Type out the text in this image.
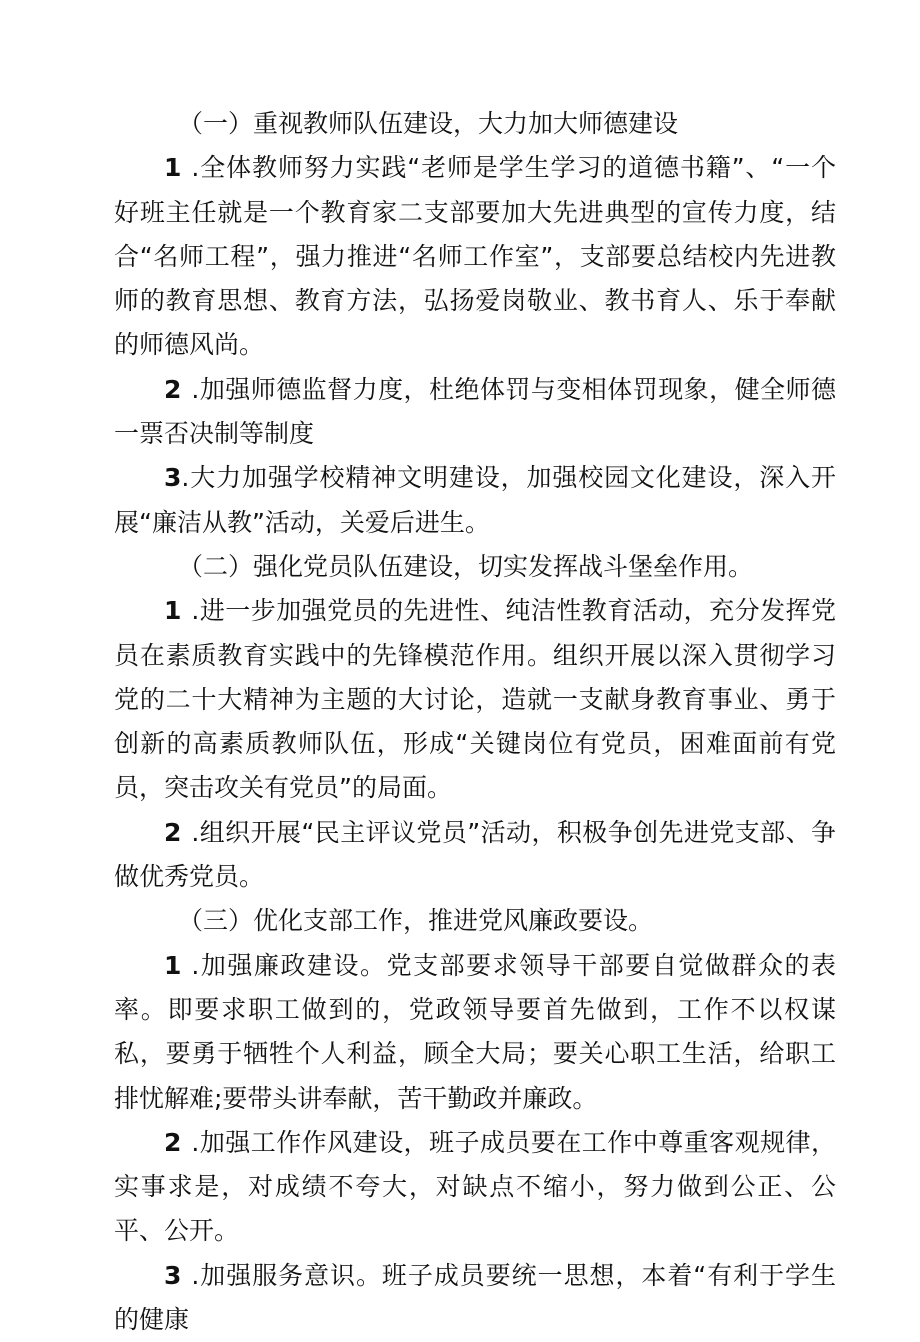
（一）重视教师队伍建设，大力加大师德建设

1 .全体教师努力实践“老师是学生学习的道德书籍”、“一个好班主任就是一个教育家二支部要加大先进典型的宣传力度，结合“名师工程”，强力推进“名师工作室”，支部要总结校内先进教师的教育思想、教育方法，弘扬爱岗敬业、教书育人、乐于奉献的师德风尚。

2 .加强师德监督力度，杜绝体罚与变相体罚现象，健全师德一票否决制等制度

3.大力加强学校精神文明建设，加强校园文化建设，深入开展“廉洁从教”活动，关爱后进生。

（二）强化党员队伍建设，切实发挥战斗堡垒作用。

1 .进一步加强党员的先进性、纯洁性教育活动，充分发挥党员在素质教育实践中的先锋模范作用。组织开展以深入贯彻学习党的二十大精神为主题的大讨论，造就一支献身教育事业、勇于创新的高素质教师队伍，形成“关键岗位有党员，困难面前有党员，突击攻关有党员”的局面。

2 .组织开展“民主评议党员”活动，积极争创先进党支部、争做优秀党员。

（三）优化支部工作，推进党风廉政要设。

1 .加强廉政建设。党支部要求领导干部要自觉做群众的表率。即要求职工做到的，党政领导要首先做到，工作不以权谋私，要勇于牺牲个人利益，顾全大局；要关心职工生活，给职工排忧解难;要带头讲奉献，苦干勤政并廉政。

2 .加强工作作风建设，班子成员要在工作中尊重客观规律，实事求是，对成绩不夸大，对缺点不缩小，努力做到公正、公平、公开。

3 .加强服务意识。班子成员要统一思想，本着“有利于学生的健康
